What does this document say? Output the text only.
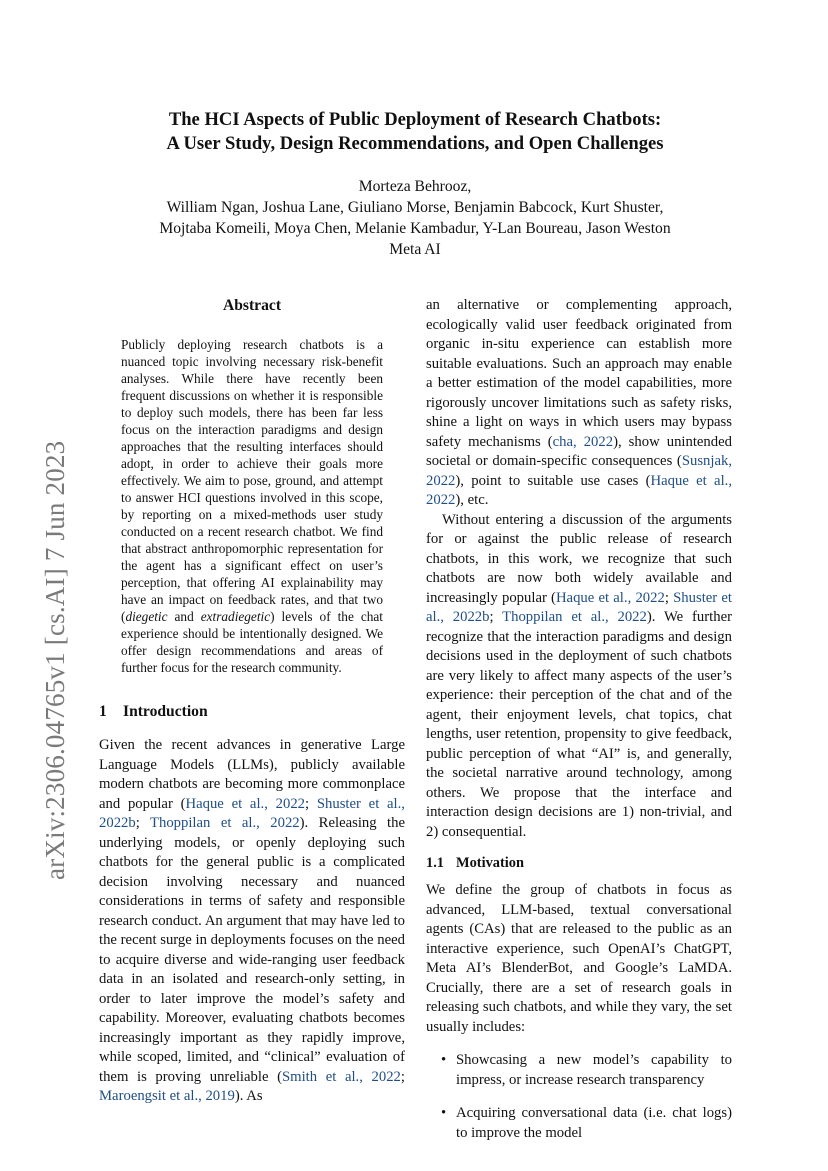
arXiv:2306.04765v1 [cs.AI] 7 Jun 2023
The HCI Aspects of Public Deployment of Research Chatbots:
A User Study, Design Recommendations, and Open Challenges
Morteza Behrooz,
William Ngan, Joshua Lane, Giuliano Morse, Benjamin Babcock, Kurt Shuster,
Mojtaba Komeili, Moya Chen, Melanie Kambadur, Y-Lan Boureau, Jason Weston
Meta AI
Abstract

Publicly deploying research chatbots is a nuanced topic involving necessary risk-benefit analyses. While there have recently been frequent discussions on whether it is responsible to deploy such models, there has been far less focus on the interaction paradigms and design approaches that the resulting interfaces should adopt, in order to achieve their goals more effectively. We aim to pose, ground, and attempt to answer HCI questions involved in this scope, by reporting on a mixed-methods user study conducted on a recent research chatbot. We find that abstract anthropomorphic representation for the agent has a significant effect on user’s perception, that offering AI explainability may have an impact on feedback rates, and that two (diegetic and extradiegetic) levels of the chat experience should be intentionally designed. We offer design recommendations and areas of further focus for the research community.

1 Introduction

Given the recent advances in generative Large Language Models (LLMs), publicly available modern chatbots are becoming more commonplace and popular (Haque et al., 2022; Shuster et al., 2022b; Thoppilan et al., 2022). Releasing the underlying models, or openly deploying such chatbots for the general public is a complicated decision involving necessary and nuanced considerations in terms of safety and responsible research conduct. An argument that may have led to the recent surge in deployments focuses on the need to acquire diverse and wide-ranging user feedback data in an isolated and research-only setting, in order to later improve the model’s safety and capability. Moreover, evaluating chatbots becomes increasingly important as they rapidly improve, while scoped, limited, and “clinical” evaluation of them is proving unreliable (Smith et al., 2022; Maroengsit et al., 2019). As

an alternative or complementing approach, ecologically valid user feedback originated from organic in-situ experience can establish more suitable evaluations. Such an approach may enable a better estimation of the model capabilities, more rigorously uncover limitations such as safety risks, shine a light on ways in which users may bypass safety mechanisms (cha, 2022), show unintended societal or domain-specific consequences (Susnjak, 2022), point to suitable use cases (Haque et al., 2022), etc.

Without entering a discussion of the arguments for or against the public release of research chatbots, in this work, we recognize that such chatbots are now both widely available and increasingly popular (Haque et al., 2022; Shuster et al., 2022b; Thoppilan et al., 2022). We further recognize that the interaction paradigms and design decisions used in the deployment of such chatbots are very likely to affect many aspects of the user’s experience: their perception of the chat and of the agent, their enjoyment levels, chat topics, chat lengths, user retention, propensity to give feedback, public perception of what “AI” is, and generally, the societal narrative around technology, among others. We propose that the interface and interaction design decisions are 1) non-trivial, and 2) consequential.

1.1 Motivation

We define the group of chatbots in focus as advanced, LLM-based, textual conversational agents (CAs) that are released to the public as an interactive experience, such OpenAI’s ChatGPT, Meta AI’s BlenderBot, and Google’s LaMDA. Crucially, there are a set of research goals in releasing such chatbots, and while they vary, the set usually includes:

• Showcasing a new model’s capability to impress, or increase research transparency
• Acquiring conversational data (i.e. chat logs) to improve the model
